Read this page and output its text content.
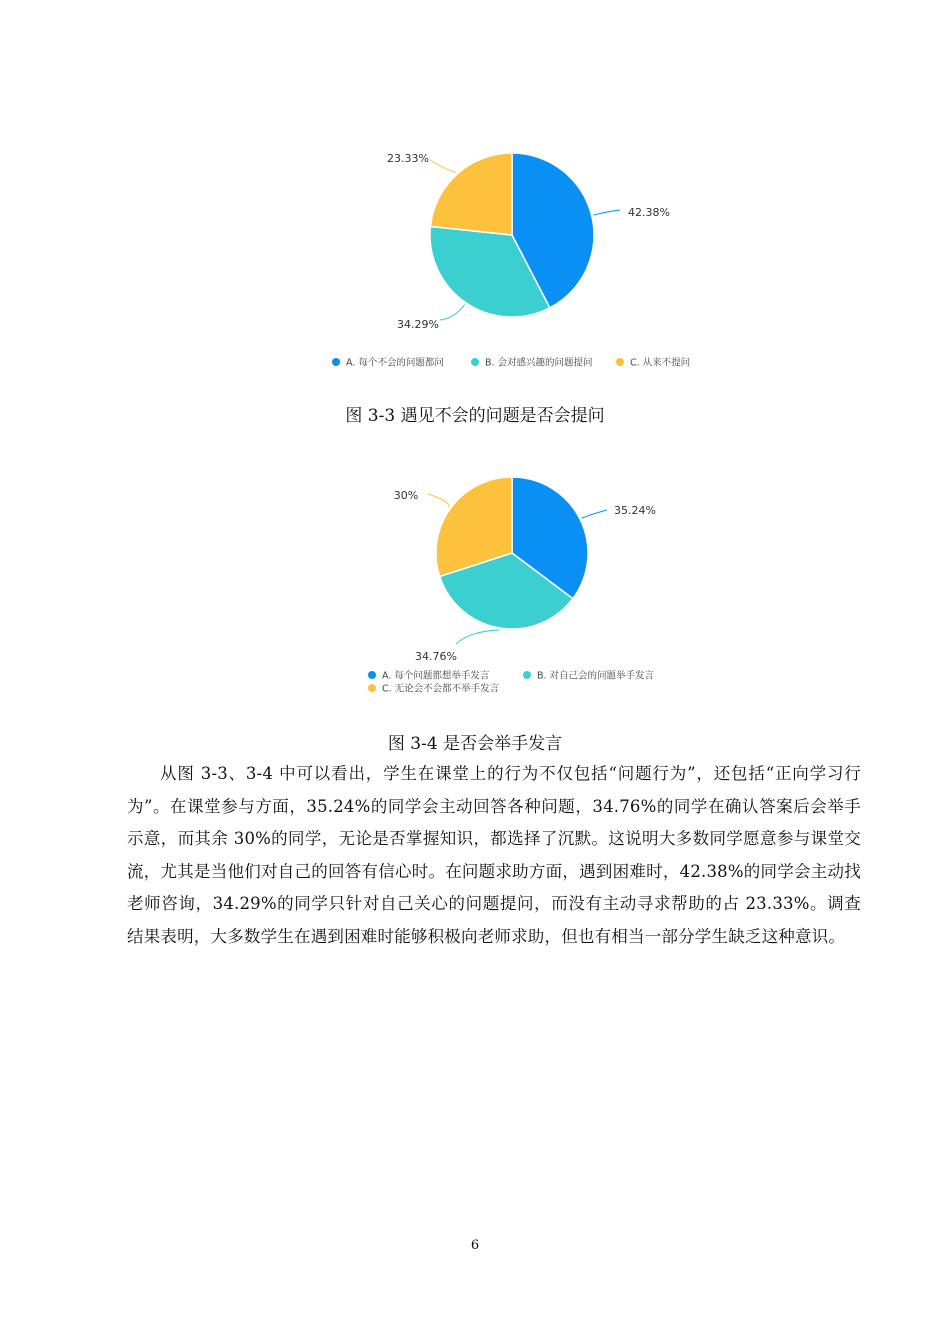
42.38%
34.29%
23.33%
A. 每个不会的问题都问	B. 会对感兴趣的问题提问	C. 从来不提问
图 3-3 遇见不会的问题是否会提问
35.24%
34.76%
30%
A. 每个问题都想举手发言	B. 对自己会的问题举手发言
C. 无论会不会都不举手发言
图 3-4 是否会举手发言

从图 3-3、3-4 中可以看出，学生在课堂上的行为不仅包括“问题行为”，还包括“正向学习行为”。在课堂参与方面，35.24%的同学会主动回答各种问题，34.76%的同学在确认答案后会举手示意，而其余 30%的同学，无论是否掌握知识，都选择了沉默。这说明大多数同学愿意参与课堂交流，尤其是当他们对自己的回答有信心时。在问题求助方面，遇到困难时，42.38%的同学会主动找老师咨询，34.29%的同学只针对自己关心的问题提问，而没有主动寻求帮助的占 23.33%。调查结果表明，大多数学生在遇到困难时能够积极向老师求助，但也有相当一部分学生缺乏这种意识。

6
